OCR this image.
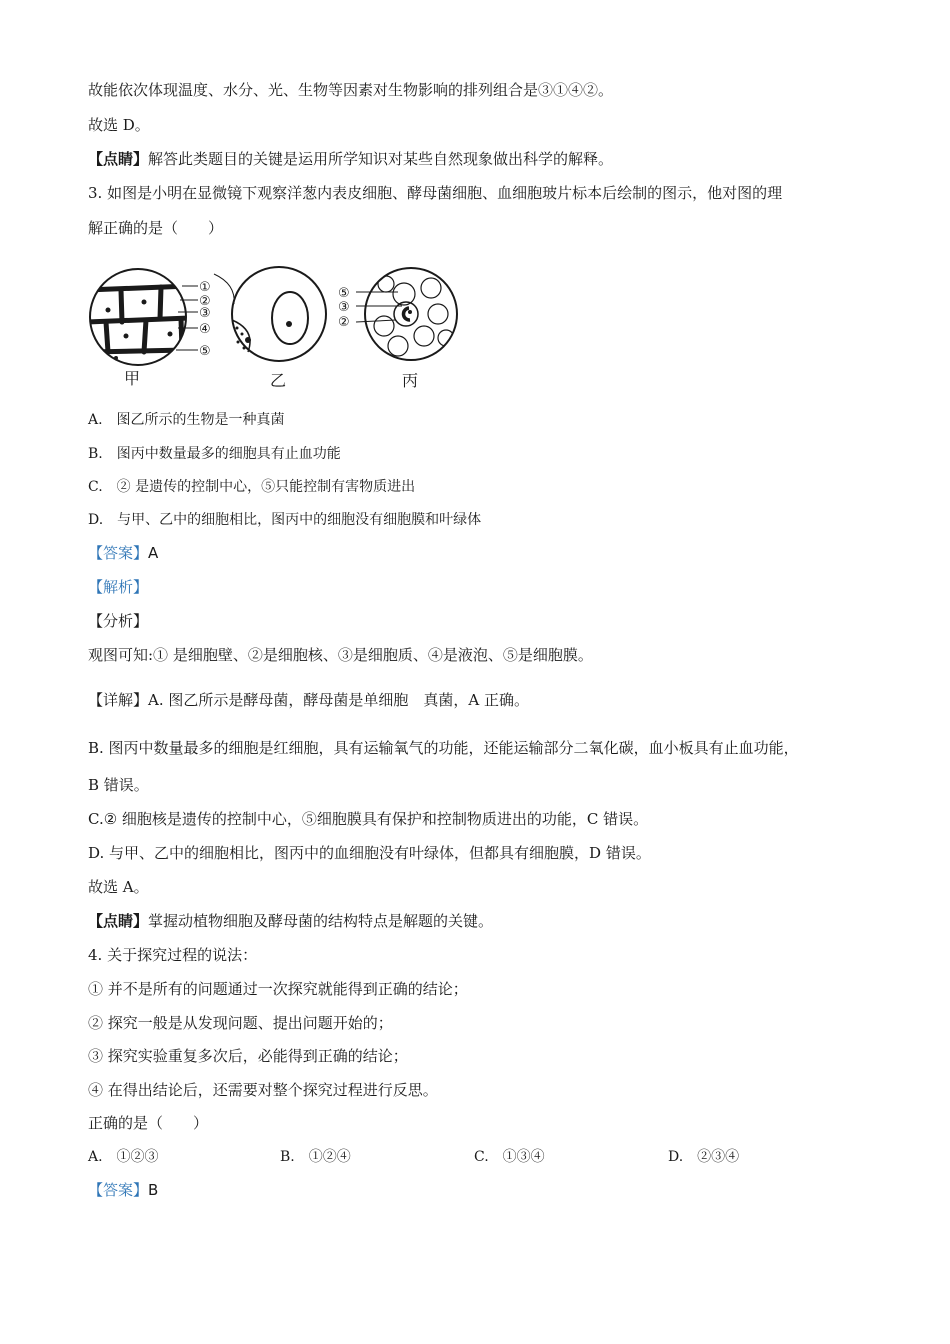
故能依次体现温度、水分、光、生物等因素对生物影响的排列组合是③①④②。
故选 D。
【点睛】解答此类题目的关键是运用所学知识对某些自然现象做出科学的解释。
3. 如图是小明在显微镜下观察洋葱内表皮细胞、酵母菌细胞、血细胞玻片标本后绘制的图示，他对图的理
解正确的是（　　）
①
②
③
④
⑤
⑤
③
②
甲	乙	丙
A.　图乙所示的生物是一种真菌
B.　图丙中数量最多的细胞具有止血功能
C.　② 是遗传的控制中心，⑤只能控制有害物质进出
D.　与甲、乙中的细胞相比，图丙中的细胞没有细胞膜和叶绿体
【答案】A
【解析】
【分析】
观图可知:① 是细胞壁、②是细胞核、③是细胞质、④是液泡、⑤是细胞膜。
【详解】A. 图乙所示是酵母菌，酵母菌是单细胞　真菌，A 正确。
B. 图丙中数量最多的细胞是红细胞，具有运输氧气的功能，还能运输部分二氧化碳，血小板具有止血功能，
B 错误。
C.② 细胞核是遗传的控制中心，⑤细胞膜具有保护和控制物质进出的功能，C 错误。
D. 与甲、乙中的细胞相比，图丙中的血细胞没有叶绿体，但都具有细胞膜，D 错误。
故选 A。
【点睛】掌握动植物细胞及酵母菌的结构特点是解题的关键。
4. 关于探究过程的说法：
① 并不是所有的问题通过一次探究就能得到正确的结论；
② 探究一般是从发现问题、提出问题开始的；
③ 探究实验重复多次后，必能得到正确的结论；
④ 在得出结论后，还需要对整个探究过程进行反思。
正确的是（　　）
A.　①②③	B.　①②④	C.　①③④	D.　②③④
【答案】B
